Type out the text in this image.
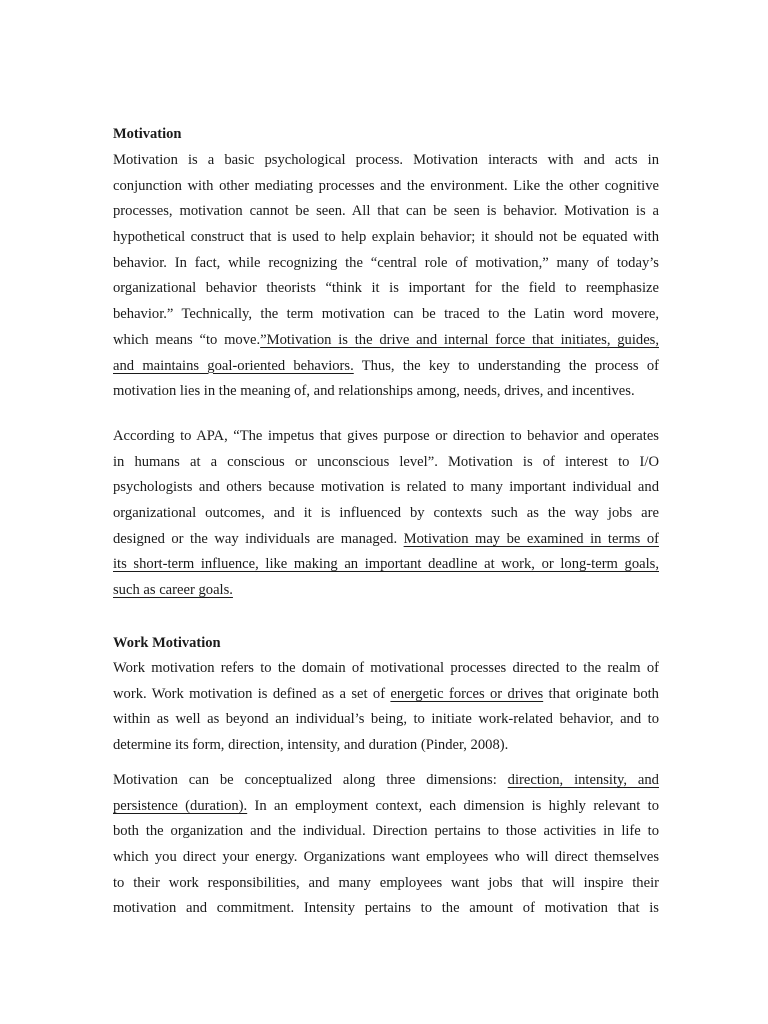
Motivation
Motivation is a basic psychological process. Motivation interacts with and acts in
conjunction with other mediating processes and the environment. Like the other cognitive
processes, motivation cannot be seen. All that can be seen is behavior. Motivation is a
hypothetical construct that is used to help explain behavior; it should not be equated with
behavior. In fact, while recognizing the “central role of motivation,” many of today’s
organizational behavior theorists “think it is important for the field to reemphasize
behavior.” Technically, the term motivation can be traced to the Latin word movere,
which means “to move.”Motivation is the drive and internal force that initiates, guides,
and maintains goal-oriented behaviors. Thus, the key to understanding the process of
motivation lies in the meaning of, and relationships among, needs, drives, and incentives.
According to APA, “The impetus that gives purpose or direction to behavior and operates
in humans at a conscious or unconscious level”. Motivation is of interest to I/O
psychologists and others because motivation is related to many important individual and
organizational outcomes, and it is influenced by contexts such as the way jobs are
designed or the way individuals are managed. Motivation may be examined in terms of
its short-term influence, like making an important deadline at work, or long-term goals,
such as career goals.
Work Motivation
Work motivation refers to the domain of motivational processes directed to the realm of
work. Work motivation is defined as a set of energetic forces or drives that originate both
within as well as beyond an individual’s being, to initiate work-related behavior, and to
determine its form, direction, intensity, and duration (Pinder, 2008).
Motivation can be conceptualized along three dimensions: direction, intensity, and
persistence (duration). In an employment context, each dimension is highly relevant to
both the organization and the individual. Direction pertains to those activities in life to
which you direct your energy. Organizations want employees who will direct themselves
to their work responsibilities, and many employees want jobs that will inspire their
motivation and commitment. Intensity pertains to the amount of motivation that is
